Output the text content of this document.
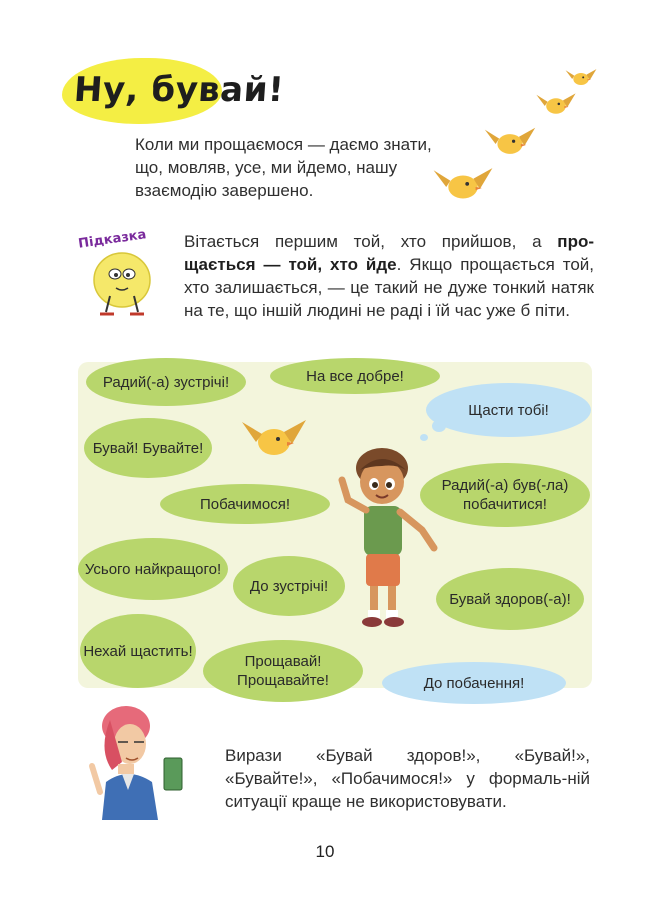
Ну, бувай!
Коли ми прощаємося — даємо знати, що, мовляв, усе, ми йдемо, нашу взаємодію завершено.
Підказка Вітається першим той, хто прийшов, а про-щається — той, хто йде. Якщо прощається той, хто залишається, — це такий не дуже тонкий натяк на те, що іншій людині не раді і їй час уже б піти.
Радий(-а) зустрічі!	На все добре!
Щасти тобі!
Бувай! Бувайте!
Радий(-а) був(-ла) побачитися!
Побачимося!
Усього найкращого!
До зустрічі!
Бувай здоров(-а)!
Нехай щастить!
Прощавай! Прощавайте!	До побачення!
Вирази «Бувай здоров!», «Бувай!», «Бувайте!», «Побачимося!» у формаль-ній ситуації краще не використовувати.
10
